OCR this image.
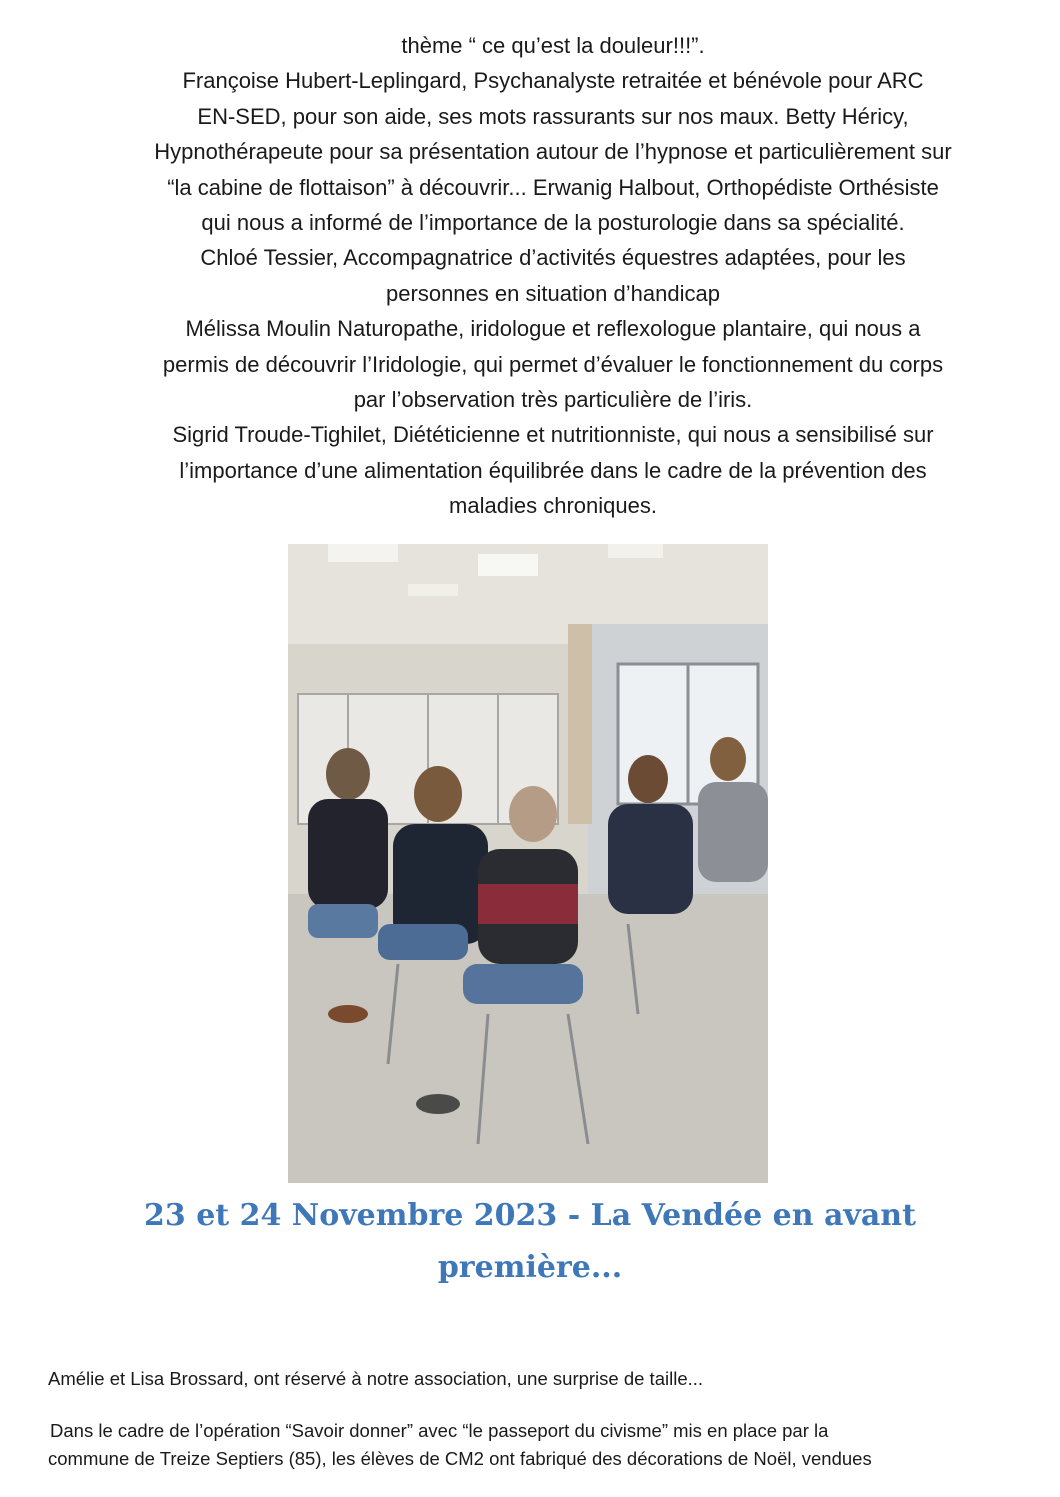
thème “ ce qu’est la douleur!!!”.

Françoise Hubert-Leplingard, Psychanalyste retraitée et bénévole pour ARC

EN-SED, pour son aide, ses mots rassurants sur nos maux. Betty Héricy,

Hypnothérapeute pour sa présentation autour de l’hypnose et particulièrement sur

“la cabine de flottaison” à découvrir... Erwanig Halbout, Orthopédiste Orthésiste

qui nous a informé de l’importance de la posturologie dans sa spécialité.

Chloé Tessier, Accompagnatrice d’activités équestres adaptées, pour les

personnes en situation d’handicap

Mélissa Moulin Naturopathe, iridologue et reflexologue plantaire, qui nous a

permis de découvrir l’Iridologie, qui permet d’évaluer le fonctionnement du corps

par l’observation très particulière de l’iris.

Sigrid Troude-Tighilet, Diététicienne et nutritionniste, qui nous a sensibilisé sur

l’importance d’une alimentation équilibrée dans le cadre de la prévention des

maladies chroniques.

23 et 24 Novembre 2023 - La Vendée en avant
première...

Amélie et Lisa Brossard, ont réservé à notre association, une surprise de taille...

Dans le cadre de l’opération “Savoir donner” avec “le passeport du civisme” mis en place par la

commune de Treize Septiers (85), les élèves de CM2 ont fabriqué des décorations de Noël, vendues
